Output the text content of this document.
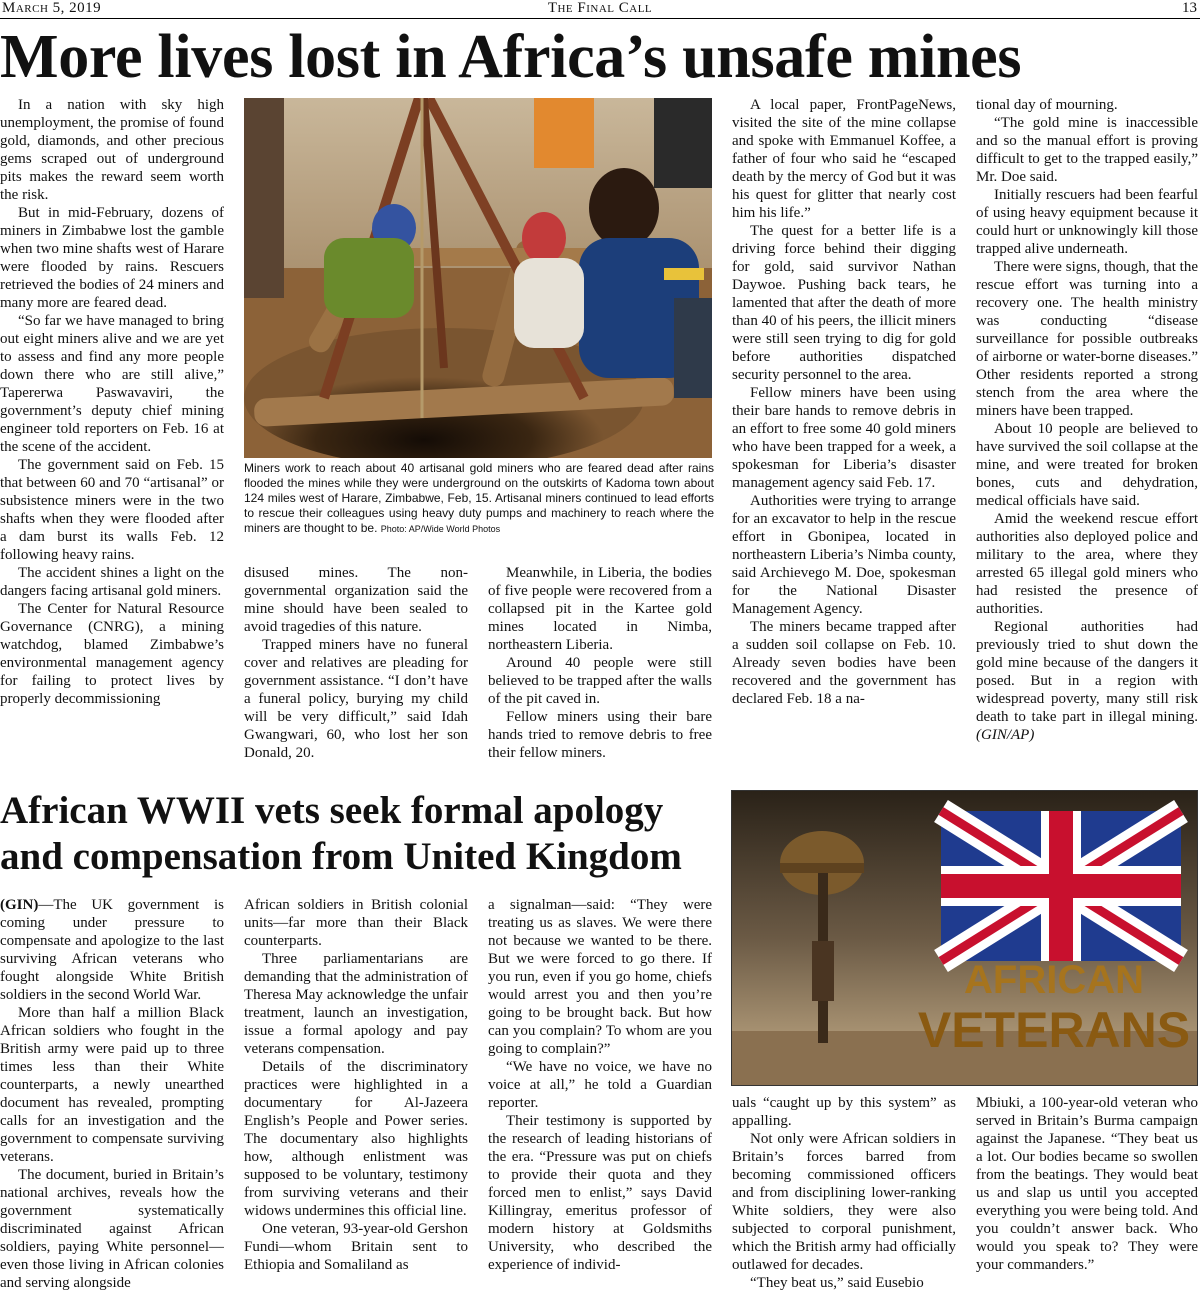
March 5, 2019	The Final Call	13
More lives lost in Africa’s unsafe mines

In a nation with sky high unemployment, the promise of found gold, diamonds, and other precious gems scraped out of underground pits makes the reward seem worth the risk.

But in mid-February, dozens of miners in Zimbabwe lost the gamble when two mine shafts west of Harare were flooded by rains. Rescuers retrieved the bodies of 24 miners and many more are feared dead.

“So far we have managed to bring out eight miners alive and we are yet to assess and find any more people down there who are still alive,” Tapererwa Paswavaviri, the government’s deputy chief mining engineer told reporters on Feb. 16 at the scene of the accident.

The government said on Feb. 15 that between 60 and 70 “artisanal” or subsistence miners were in the two shafts when they were flooded after a dam burst its walls Feb. 12 following heavy rains.

The accident shines a light on the dangers facing artisanal gold miners.

The Center for Natural Resource Governance (CNRG), a mining watchdog, blamed Zimbabwe’s environmental management agency for failing to protect lives by properly decommissioning

Miners work to reach about 40 artisanal gold miners who are feared dead after rains flooded the mines while they were underground on the outskirts of Kadoma town about 124 miles west of Harare, Zimbabwe, Feb, 15. Artisanal miners continued to lead efforts to rescue their colleagues using heavy duty pumps and machinery to reach where the miners are thought to be. Photo: AP/Wide World Photos

disused mines. The non-governmental organization said the mine should have been sealed to avoid tragedies of this nature.

Trapped miners have no funeral cover and relatives are pleading for government assistance. “I don’t have a funeral policy, burying my child will be very difficult,” said Idah Gwangwari, 60, who lost her son Donald, 20.

Meanwhile, in Liberia, the bodies of five people were recovered from a collapsed pit in the Kartee gold mines located in Nimba, northeastern Liberia.

Around 40 people were still believed to be trapped after the walls of the pit caved in.

Fellow miners using their bare hands tried to remove debris to free their fellow miners.

A local paper, FrontPageNews, visited the site of the mine collapse and spoke with Emmanuel Koffee, a father of four who said he “escaped death by the mercy of God but it was his quest for glitter that nearly cost him his life.”

The quest for a better life is a driving force behind their digging for gold, said survivor Nathan Daywoe. Pushing back tears, he lamented that after the death of more than 40 of his peers, the illicit miners were still seen trying to dig for gold before authorities dispatched security personnel to the area.

Fellow miners have been using their bare hands to remove debris in an effort to free some 40 gold miners who have been trapped for a week, a spokesman for Liberia’s disaster management agency said Feb. 17.

Authorities were trying to arrange for an excavator to help in the rescue effort in Gbonipea, located in northeastern Liberia’s Nimba county, said Archievego M. Doe, spokesman for the National Disaster Management Agency.

The miners became trapped after a sudden soil collapse on Feb. 10. Already seven bodies have been recovered and the government has declared Feb. 18 a na-

tional day of mourning.

“The gold mine is inaccessible and so the manual effort is proving difficult to get to the trapped easily,” Mr. Doe said.

Initially rescuers had been fearful of using heavy equipment because it could hurt or unknowingly kill those trapped alive underneath.

There were signs, though, that the rescue effort was turning into a recovery one. The health ministry was conducting “disease surveillance for possible outbreaks of airborne or water-borne diseases.” Other residents reported a strong stench from the area where the miners have been trapped.

About 10 people are believed to have survived the soil collapse at the mine, and were treated for broken bones, cuts and dehydration, medical officials have said.

Amid the weekend rescue effort authorities also deployed police and military to the area, where they arrested 65 illegal gold miners who had resisted the presence of authorities.

Regional authorities had previously tried to shut down the gold mine because of the dangers it posed. But in a region with widespread poverty, many still risk death to take part in illegal mining. (GIN/AP)

African WWII vets seek formal apology
and compensation from United Kingdom
AFRICAN
VETERANS

(GIN)—The UK government is coming under pressure to compensate and apologize to the last surviving African veterans who fought alongside White British soldiers in the second World War.

More than half a million Black African soldiers who fought in the British army were paid up to three times less than their White counterparts, a newly unearthed document has revealed, prompting calls for an investigation and the government to compensate surviving veterans.

The document, buried in Britain’s national archives, reveals how the government systematically discriminated against African soldiers, paying White personnel—even those living in African colonies and serving alongside

African soldiers in British colonial units—far more than their Black counterparts.

Three parliamentarians are demanding that the administration of Theresa May acknowledge the unfair treatment, launch an investigation, issue a formal apology and pay veterans compensation.

Details of the discriminatory practices were highlighted in a documentary for Al-Jazeera English’s People and Power series. The documentary also highlights how, although enlistment was supposed to be voluntary, testimony from surviving veterans and their widows undermines this official line.

One veteran, 93-year-old Gershon Fundi—whom Britain sent to Ethiopia and Somaliland as

a signalman—said: “They were treating us as slaves. We were there not because we wanted to be there. But we were forced to go there. If you run, even if you go home, chiefs would arrest you and then you’re going to be brought back. But how can you complain? To whom are you going to complain?”

“We have no voice, we have no voice at all,” he told a Guardian reporter.

Their testimony is supported by the research of leading historians of the era. “Pressure was put on chiefs to provide their quota and they forced men to enlist,” says David Killingray, emeritus professor of modern history at Goldsmiths University, who described the experience of individ-

uals “caught up by this system” as appalling.

Not only were African soldiers in Britain’s forces barred from becoming commissioned officers and from disciplining lower-ranking White soldiers, they were also subjected to corporal punishment, which the British army had officially outlawed for decades.

“They beat us,” said Eusebio

Mbiuki, a 100-year-old veteran who served in Britain’s Burma campaign against the Japanese. “They beat us a lot. Our bodies became so swollen from the beatings. They would beat us and slap us until you accepted everything you were being told. And you couldn’t answer back. Who would you speak to? They were your commanders.”
